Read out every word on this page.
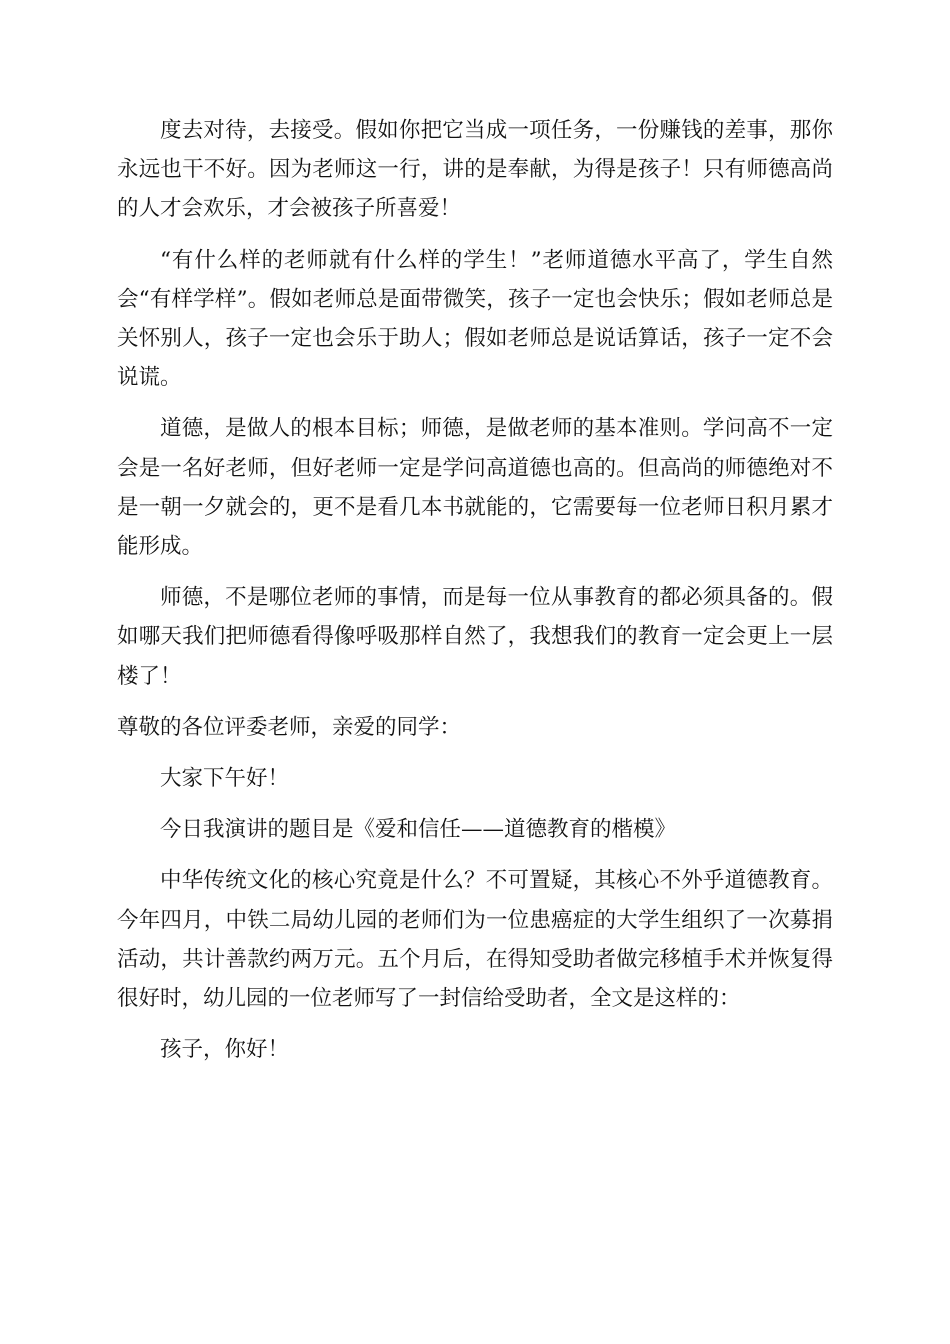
度去对待，去接受。假如你把它当成一项任务，一份赚钱的差事，那你永远也干不好。因为老师这一行，讲的是奉献，为得是孩子！只有师德高尚的人才会欢乐，才会被孩子所喜爱！

“有什么样的老师就有什么样的学生！”老师道德水平高了，学生自然会“有样学样”。假如老师总是面带微笑，孩子一定也会快乐；假如老师总是关怀别人，孩子一定也会乐于助人；假如老师总是说话算话，孩子一定不会说谎。

道德，是做人的根本目标；师德，是做老师的基本准则。学问高不一定会是一名好老师，但好老师一定是学问高道德也高的。但高尚的师德绝对不是一朝一夕就会的，更不是看几本书就能的，它需要每一位老师日积月累才能形成。

师德，不是哪位老师的事情，而是每一位从事教育的都必须具备的。假如哪天我们把师德看得像呼吸那样自然了，我想我们的教育一定会更上一层楼了！

尊敬的各位评委老师，亲爱的同学：

大家下午好！

今日我演讲的题目是《爱和信任——道德教育的楷模》

中华传统文化的核心究竟是什么？不可置疑，其核心不外乎道德教育。今年四月，中铁二局幼儿园的老师们为一位患癌症的大学生组织了一次募捐活动，共计善款约两万元。五个月后，在得知受助者做完移植手术并恢复得很好时，幼儿园的一位老师写了一封信给受助者，全文是这样的：

孩子，你好！
